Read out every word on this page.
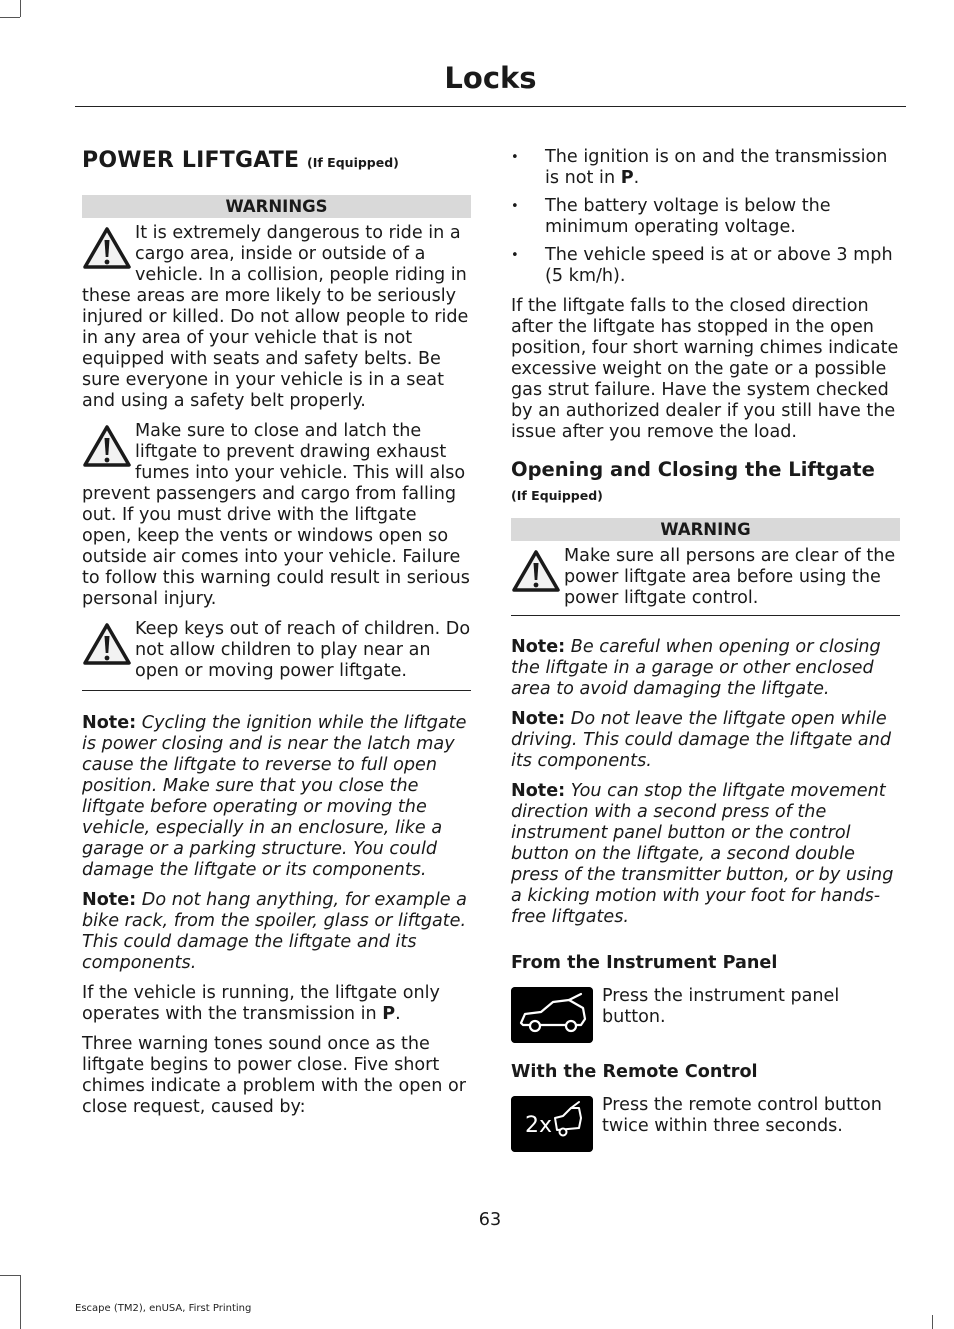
Locks
POWER LIFTGATE (If Equipped)
WARNINGS

It is extremely dangerous to ride in a cargo area, inside or outside of a vehicle. In a collision, people riding in these areas are more likely to be seriously injured or killed. Do not allow people to ride in any area of your vehicle that is not equipped with seats and safety belts. Be sure everyone in your vehicle is in a seat and using a safety belt properly.

Make sure to close and latch the liftgate to prevent drawing exhaust fumes into your vehicle. This will also prevent passengers and cargo from falling out. If you must drive with the liftgate open, keep the vents or windows open so outside air comes into your vehicle. Failure to follow this warning could result in serious personal injury.

Keep keys out of reach of children. Do not allow children to play near an open or moving power liftgate.

Note: Cycling the ignition while the liftgate is power closing and is near the latch may cause the liftgate to reverse to full open position. Make sure that you close the liftgate before operating or moving the vehicle, especially in an enclosure, like a garage or a parking structure. You could damage the liftgate or its components.

Note: Do not hang anything, for example a bike rack, from the spoiler, glass or liftgate. This could damage the liftgate and its components.

If the vehicle is running, the liftgate only operates with the transmission in P.

Three warning tones sound once as the liftgate begins to power close. Five short chimes indicate a problem with the open or close request, caused by:

• The ignition is on and the transmission is not in P.
• The battery voltage is below the minimum operating voltage.
• The vehicle speed is at or above 3 mph (5 km/h).

If the liftgate falls to the closed direction after the liftgate has stopped in the open position, four short warning chimes indicate excessive weight on the gate or a possible gas strut failure. Have the system checked by an authorized dealer if you still have the issue after you remove the load.

Opening and Closing the Liftgate
(If Equipped)
WARNING

Make sure all persons are clear of the power liftgate area before using the power liftgate control.

Note: Be careful when opening or closing the liftgate in a garage or other enclosed area to avoid damaging the liftgate.

Note: Do not leave the liftgate open while driving. This could damage the liftgate and its components.

Note: You can stop the liftgate movement direction with a second press of the instrument panel button or the control button on the liftgate, a second double press of the transmitter button, or by using a kicking motion with your foot for hands-free liftgates.

From the Instrument Panel

Press the instrument panel button.

With the Remote Control
2x

Press the remote control button twice within three seconds.

63
Escape (TM2), enUSA, First Printing
